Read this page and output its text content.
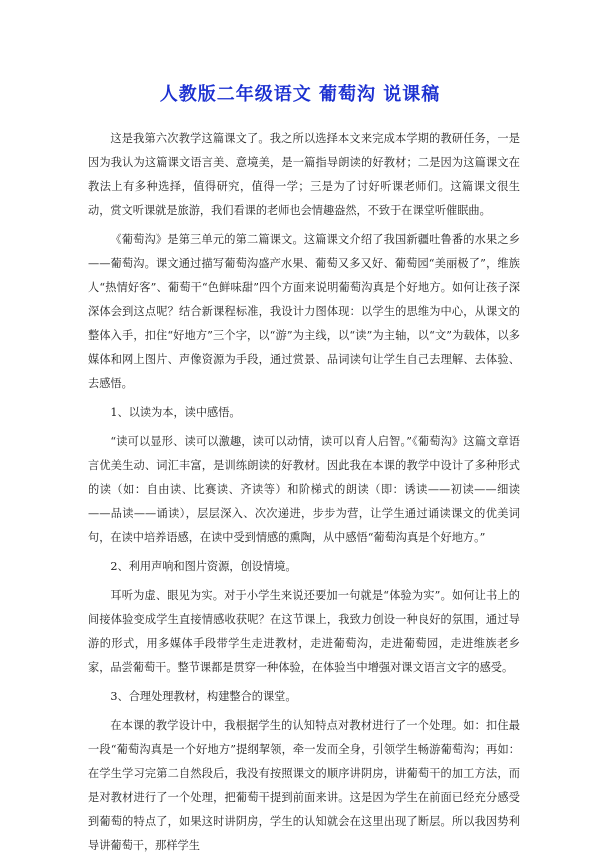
人教版二年级语文 葡萄沟 说课稿

这是我第六次教学这篇课文了。我之所以选择本文来完成本学期的教研任务，一是因为我认为这篇课文语言美、意境美，是一篇指导朗读的好教材；二是因为这篇课文在教法上有多种选择，值得研究，值得一学；三是为了讨好听课老师们。这篇课文很生动，赏文听课就是旅游，我们看课的老师也会情趣盎然，不致于在课堂听催眠曲。

《葡萄沟》是第三单元的第二篇课文。这篇课文介绍了我国新疆吐鲁番的水果之乡——葡萄沟。课文通过描写葡萄沟盛产水果、葡萄又多又好、葡萄园“美丽极了”，维族人“热情好客”、葡萄干“色鲜味甜”四个方面来说明葡萄沟真是个好地方。如何让孩子深深体会到这点呢？结合新课程标准，我设计力图体现：以学生的思维为中心，从课文的整体入手，扣住“好地方”三个字，以“游”为主线，以“读”为主轴，以“文”为载体，以多媒体和网上图片、声像资源为手段，通过赏景、品词读句让学生自己去理解、去体验、去感悟。

1、以读为本，读中感悟。

“读可以显形、读可以激趣，读可以动情，读可以育人启智。”《葡萄沟》这篇文章语言优美生动、词汇丰富，是训练朗读的好教材。因此我在本课的教学中设计了多种形式的读（如：自由读、比赛读、齐读等）和阶梯式的朗读（即：诱读——初读——细读——品读——诵读），层层深入、次次递进，步步为营，让学生通过诵读课文的优美词句，在读中培养语感，在读中受到情感的熏陶，从中感悟“葡萄沟真是个好地方。”

2、利用声响和图片资源，创设情境。

耳听为虚、眼见为实。对于小学生来说还要加一句就是“体验为实”。如何让书上的间接体验变成学生直接情感收获呢？在这节课上，我致力创设一种良好的氛围，通过导游的形式，用多媒体手段带学生走进教材，走进葡萄沟，走进葡萄园，走进维族老乡家，品尝葡萄干。整节课都是贯穿一种体验，在体验当中增强对课文语言文字的感受。

3、合理处理教材，构建整合的课堂。

在本课的教学设计中，我根据学生的认知特点对教材进行了一个处理。如：扣住最一段“葡萄沟真是一个好地方”提纲挈领，牵一发而全身，引领学生畅游葡萄沟；再如：在学生学习完第二自然段后，我没有按照课文的顺序讲阴房，讲葡萄干的加工方法，而是对教材进行了一个处理，把葡萄干提到前面来讲。这是因为学生在前面已经充分感受到葡萄的特点了，如果这时讲阴房，学生的认知就会在这里出现了断层。所以我因势利导讲葡萄干，那样学生
